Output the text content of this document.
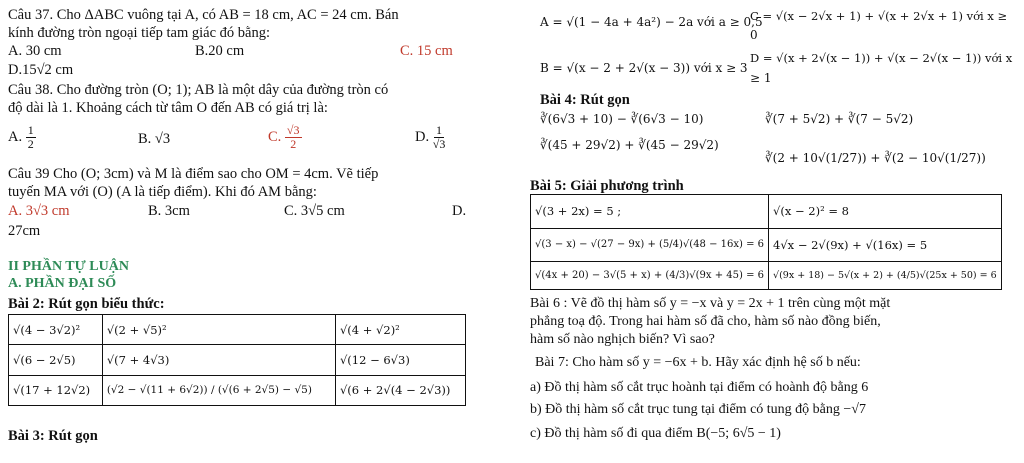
Câu 37. Cho ΔABC vuông tại A, có AB = 18 cm, AC = 24 cm. Bán
kính đường tròn ngoại tiếp tam giác đó bằng:
A. 30 cm	B.20 cm	C. 15 cm
D.15√2 cm
Câu 38. Cho đường tròn (O; 1); AB là một dây của đường tròn có
độ dài là 1. Khoảng cách từ tâm O đến AB có giá trị là:
A. $\frac{1}{2}$	B. √3	C. $\frac{√3}{2}$	D. $\frac{1}{√3}$
Câu 39 Cho (O; 3cm) và M là điểm sao cho OM = 4cm. Vẽ tiếp
tuyến MA với (O) (A là tiếp điểm). Khi đó AM bằng:
A. 3√3 cm	B. 3cm	C. 3√5 cm	D.
27cm
II PHẦN TỰ LUẬN
A. PHẦN ĐẠI SỐ
Bài 2: Rút gọn biểu thức:
√(4 − 3√2)²	√(2 + √5)²	√(4 + √2)²
√(6 − 2√5)	√(7 + 4√3)	√(12 − 6√3)
√(17 + 12√2)	(√2 − √(11 + 6√2)) / (√(6 + 2√5) − √5)	√(6 + 2√(4 − 2√3))
Bài 3: Rút gọn
A = √(1 − 4a + 4a²) − 2a với a ≥ 0,5
C = √(x − 2√x + 1) + √(x + 2√x + 1) với x ≥
0
B = √(x − 2 + 2√(x − 3)) với x ≥ 3
D = √(x + 2√(x − 1)) + √(x − 2√(x − 1)) với x
≥ 1
Bài 4: Rút gọn
∛(6√3 + 10) − ∛(6√3 − 10)	∛(7 + 5√2) + ∛(7 − 5√2)
∛(45 + 29√2) + ∛(45 − 29√2)
∛(2 + 10√(1/27)) + ∛(2 − 10√(1/27))
Bài 5: Giải phương trình
√(3 + 2x) = 5 ;	√(x − 2)² = 8
√(3 − x) − √(27 − 9x) + (5/4)√(48 − 16x) = 6	4√x − 2√(9x) + √(16x) = 5
√(4x + 20) − 3√(5 + x) + (4/3)√(9x + 45) = 6	√(9x + 18) − 5√(x + 2) + (4/5)√(25x + 50) = 6
Bài 6 : Vẽ đồ thị hàm số y = −x và y = 2x + 1 trên cùng một mặt
phẳng toạ độ. Trong hai hàm số đã cho, hàm số nào đồng biến,
hàm số nào nghịch biến? Vì sao?
Bài 7: Cho hàm số y = −6x + b. Hãy xác định hệ số b nếu:
a) Đồ thị hàm số cắt trục hoành tại điểm có hoành độ bằng 6
b) Đồ thị hàm số cắt trục tung tại điểm có tung độ bằng −√7
c) Đồ thị hàm số đi qua điểm B(−5; 6√5 − 1)
